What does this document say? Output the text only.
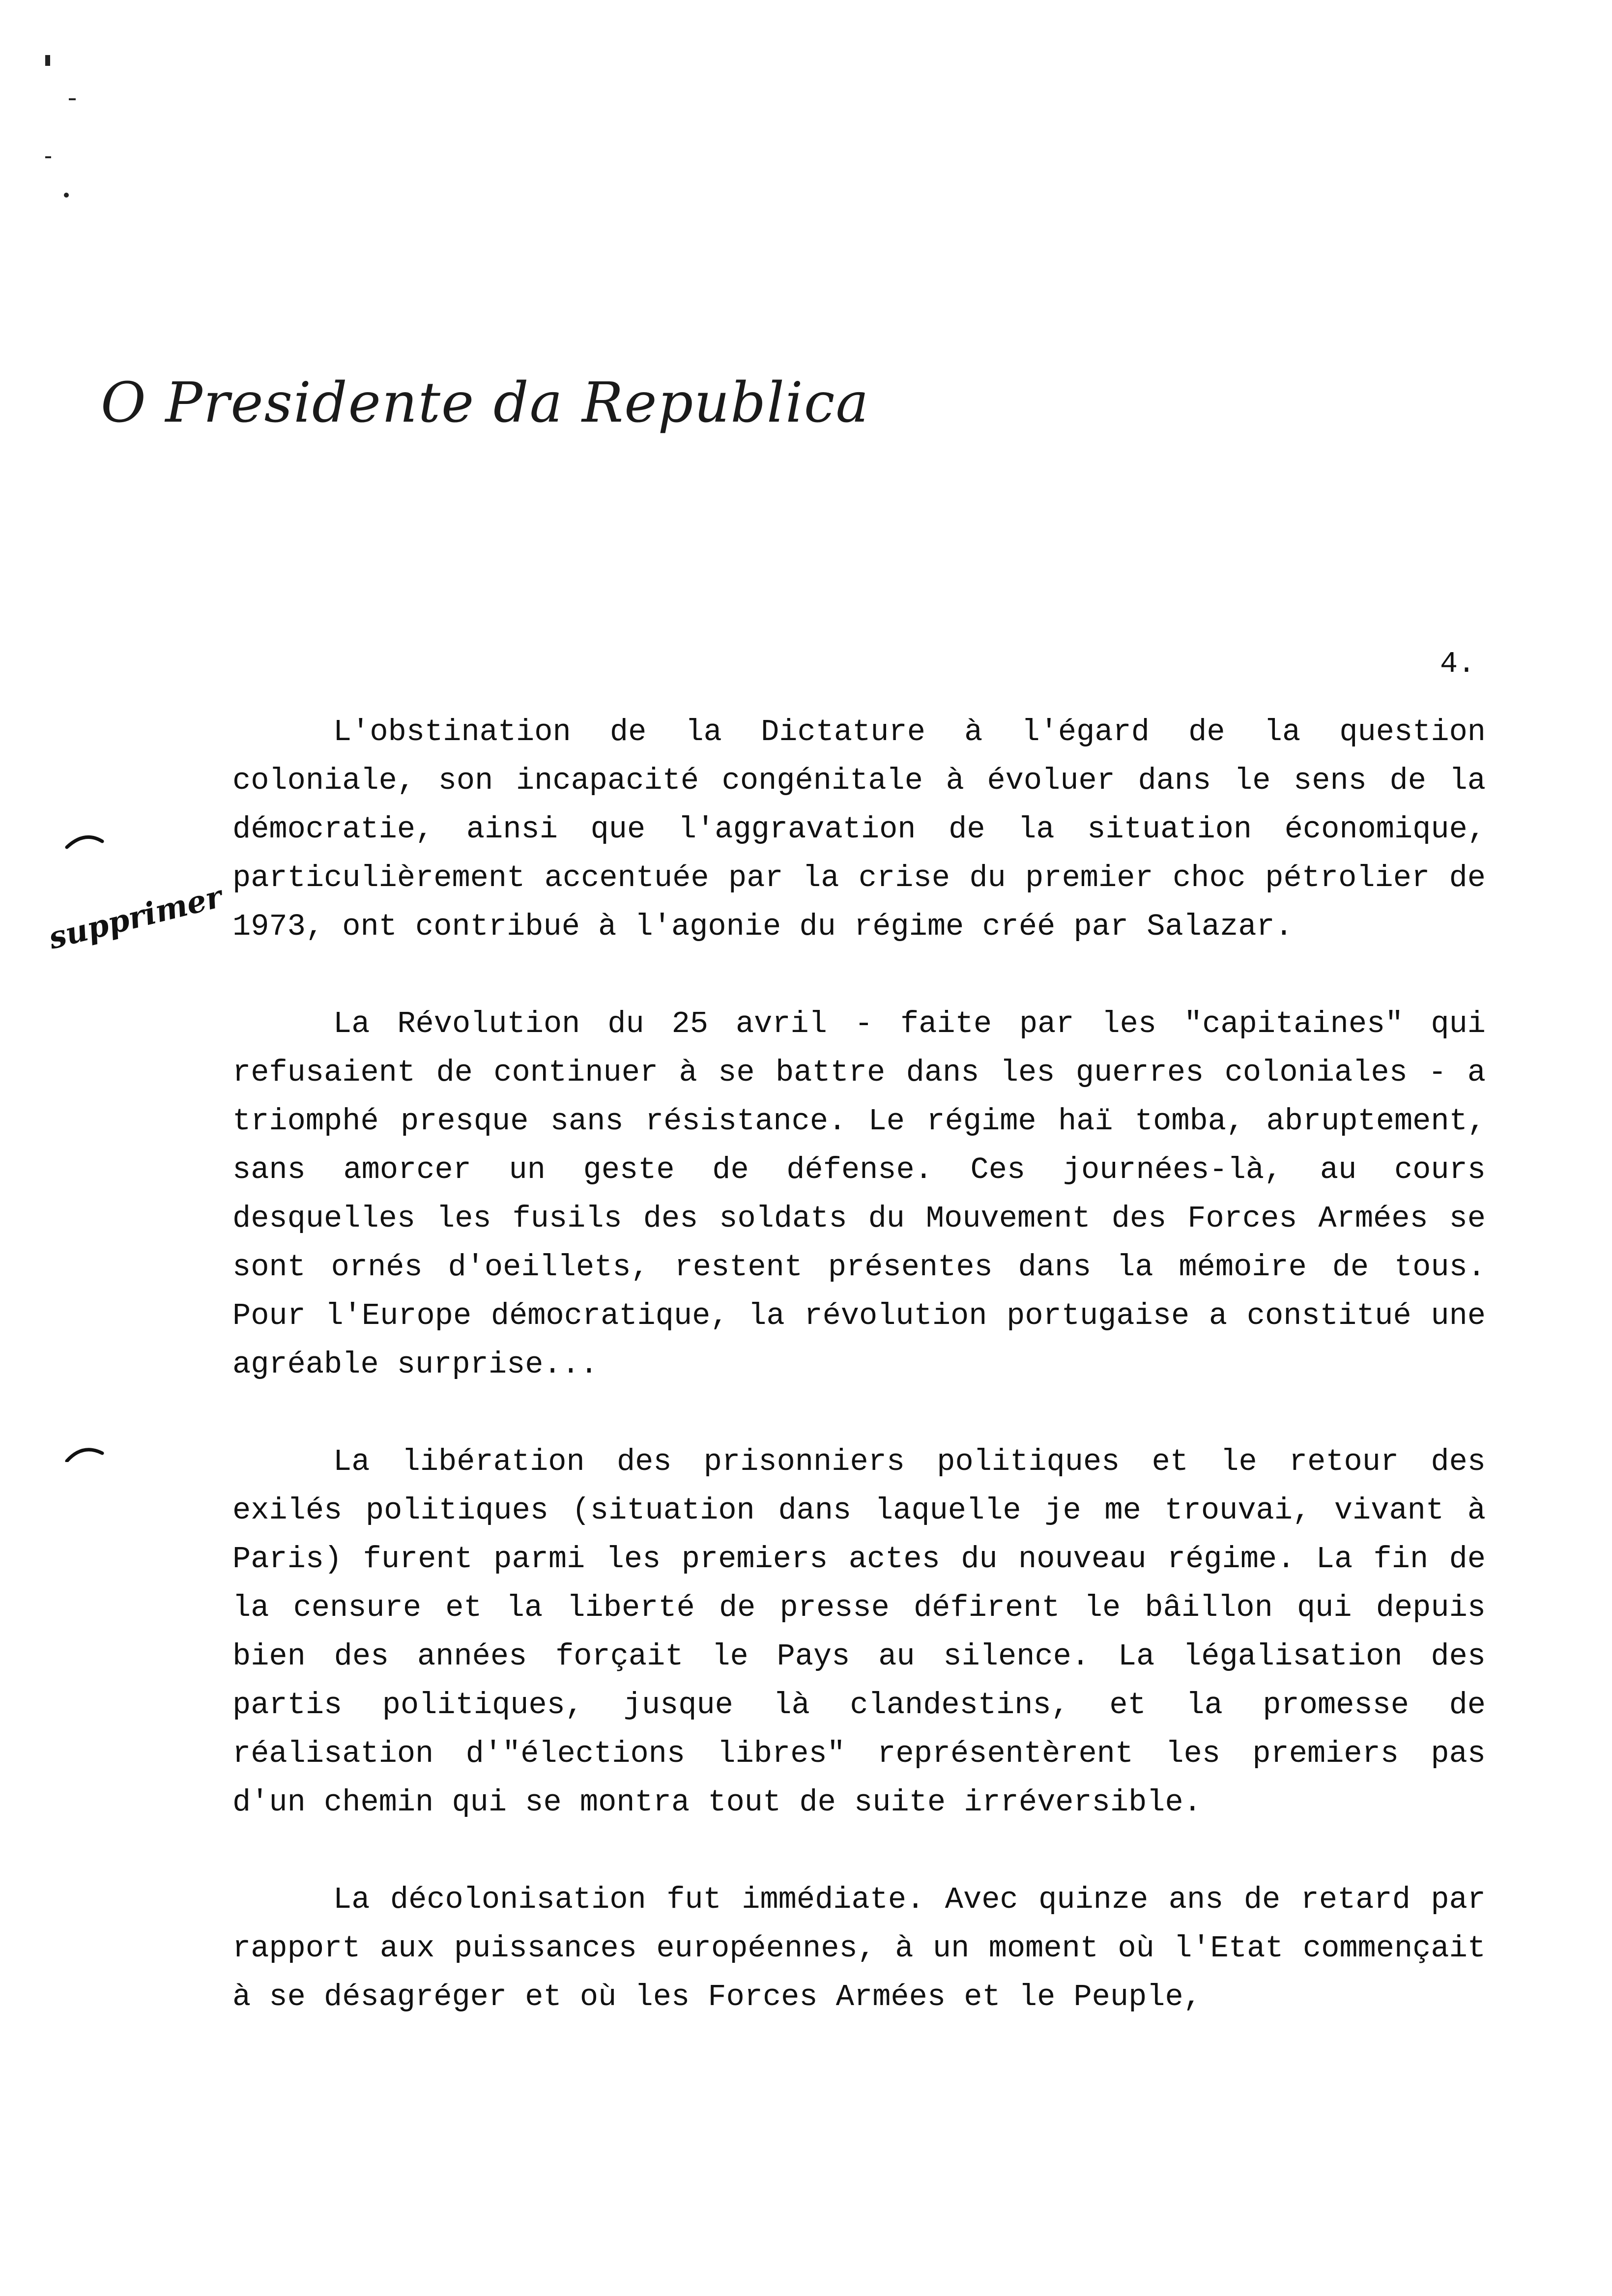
O Presidente da Republica
4.
supprimer

L'obstination de la Dictature à l'égard de la question coloniale, son incapacité congénitale à évoluer dans le sens de la démocratie, ainsi que l'aggravation de la situation économique, particulièrement accentuée par la crise du premier choc pétrolier de 1973, ont contribué à l'agonie du régime créé par Salazar.

La Révolution du 25 avril - faite par les "capitaines" qui refusaient de continuer à se battre dans les guerres coloniales - a triomphé presque sans résistance. Le régime haï tomba, abruptement, sans amorcer un geste de défense. Ces journées-là, au cours desquelles les fusils des soldats du Mouvement des Forces Armées se sont ornés d'oeillets, restent présentes dans la mémoire de tous. Pour l'Europe démocratique, la révolution portugaise a constitué une agréable surprise...

La libération des prisonniers politiques et le retour des exilés politiques (situation dans laquelle je me trouvai, vivant à Paris) furent parmi les premiers actes du nouveau régime. La fin de la censure et la liberté de presse défirent le bâillon qui depuis bien des années forçait le Pays au silence. La légalisation des partis politiques, jusque là clandestins, et la promesse de réalisation d'"élections libres" représentèrent les premiers pas d'un chemin qui se montra tout de suite irréversible.

La décolonisation fut immédiate. Avec quinze ans de retard par rapport aux puissances européennes, à un moment où l'Etat commençait à se désagréger et où les Forces Armées et le Peuple,
